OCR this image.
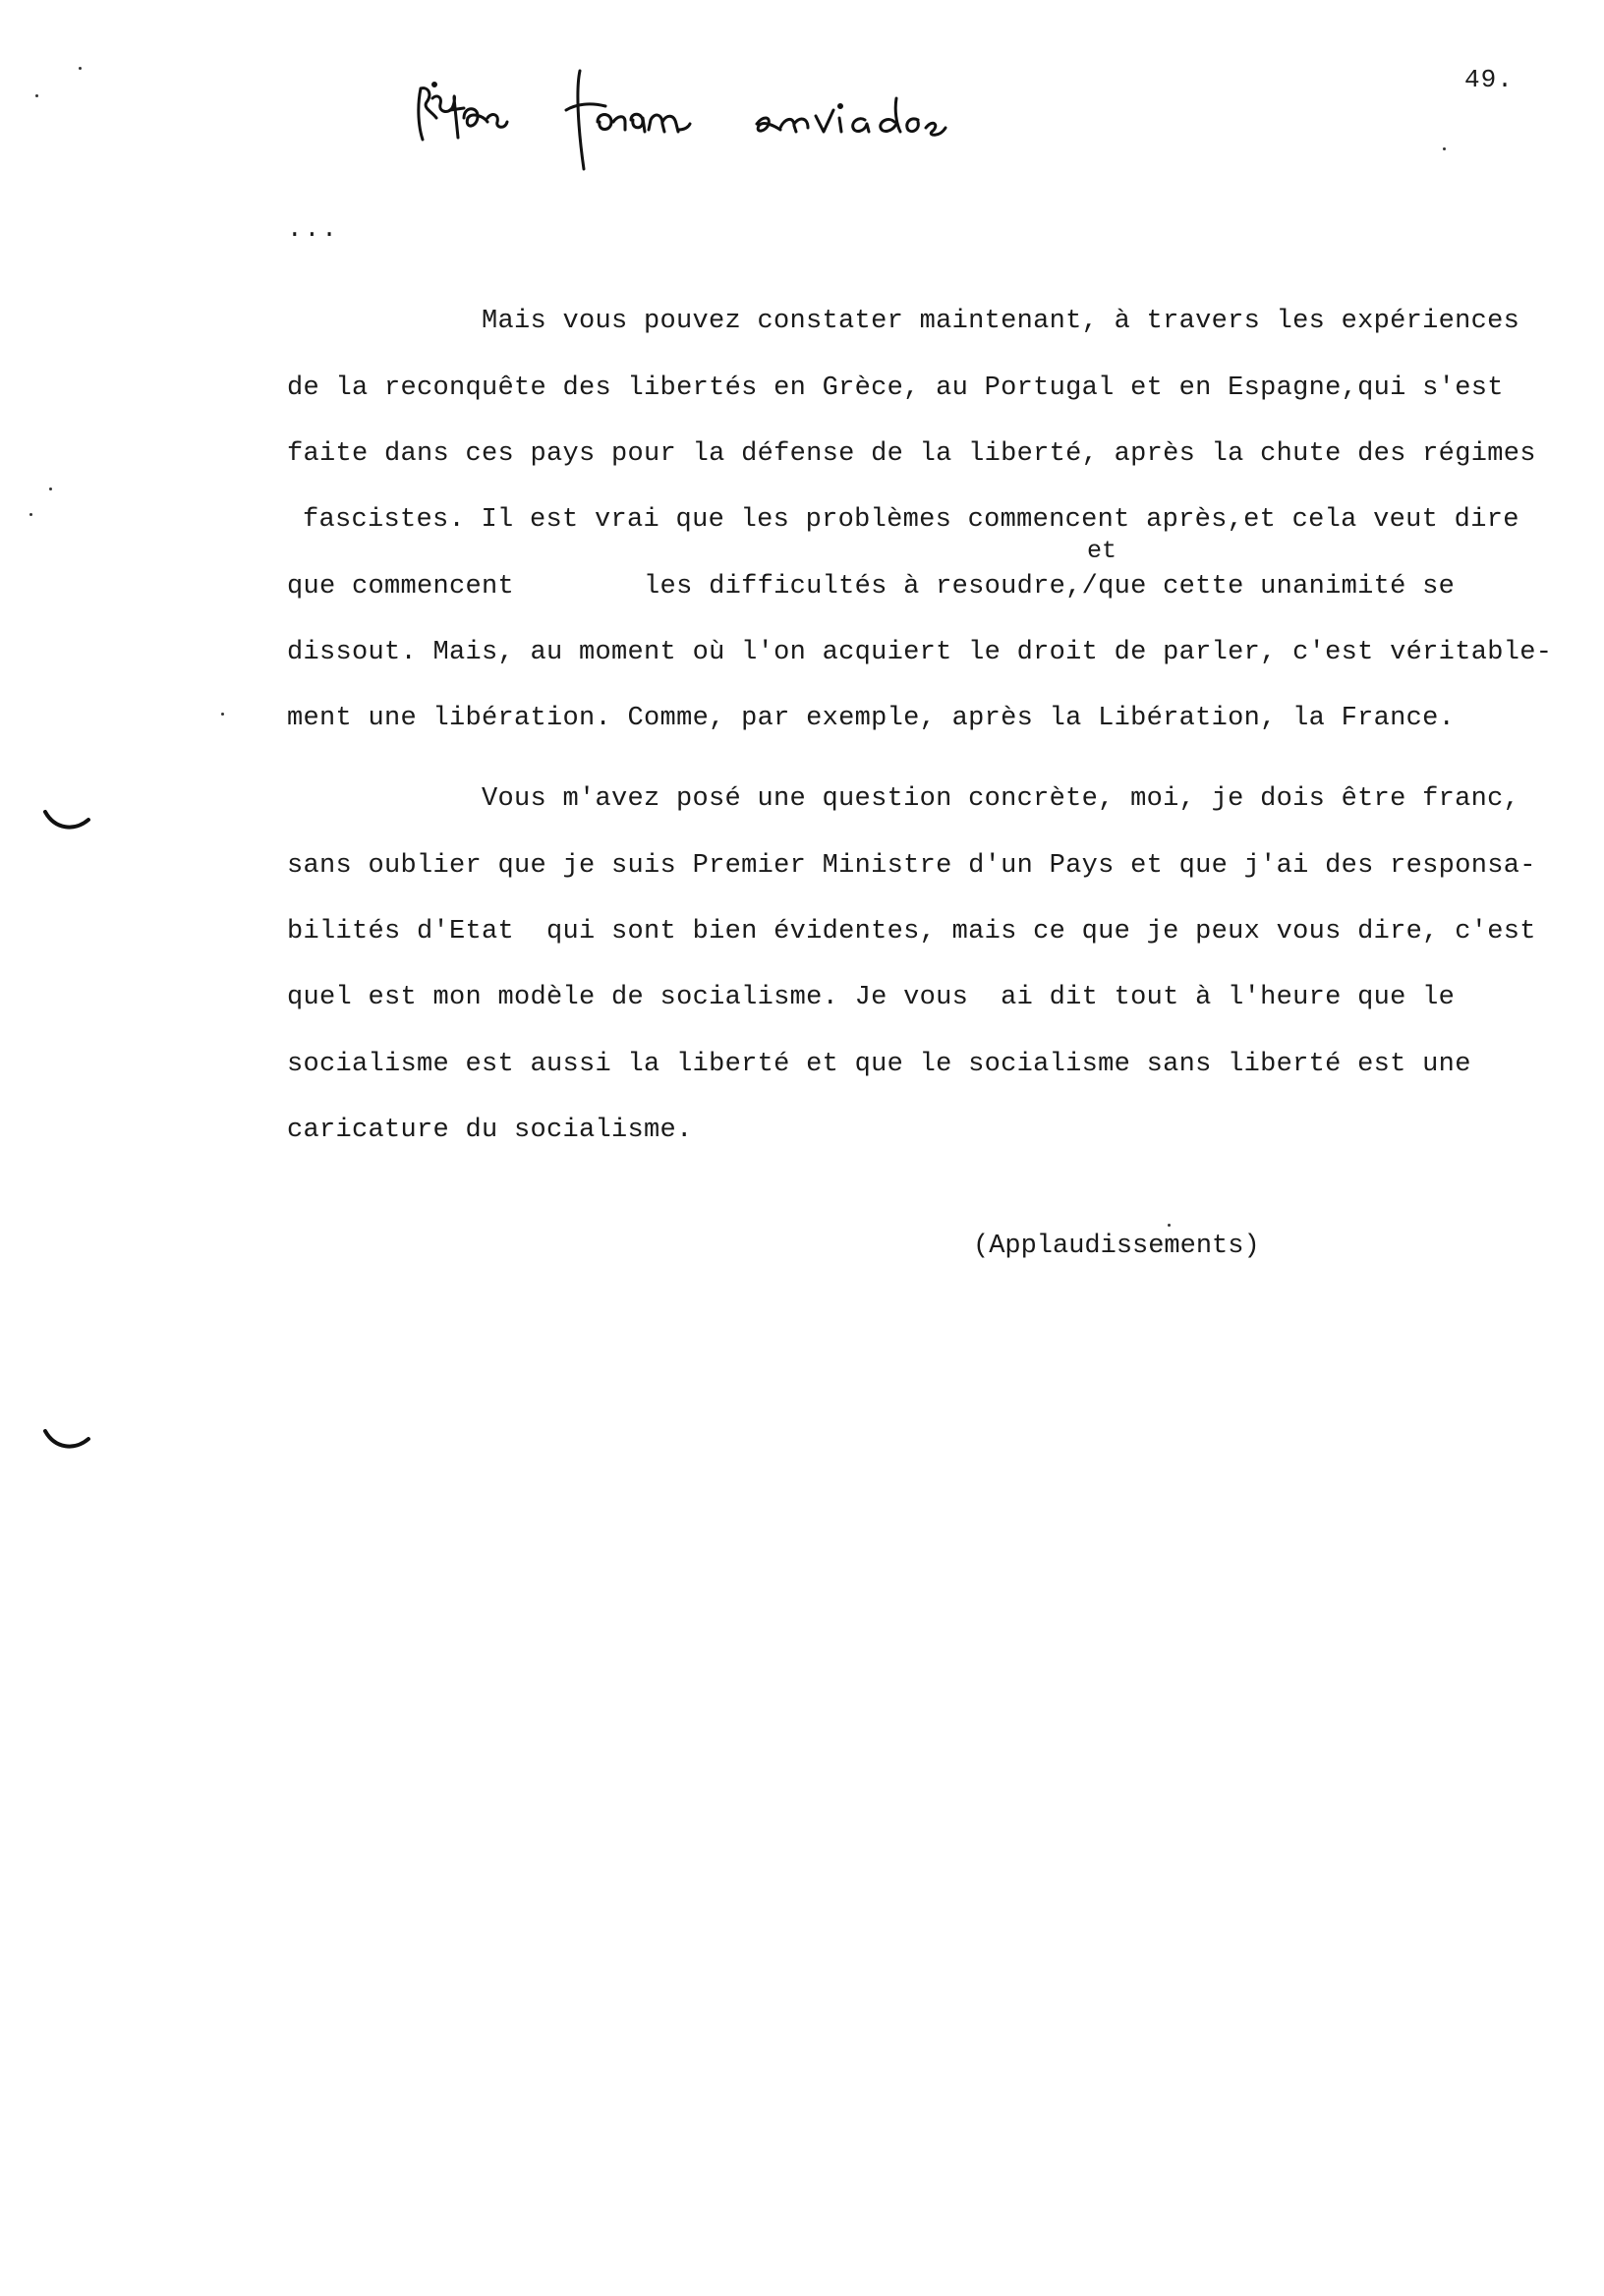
49.
...
Mais vous pouvez constater maintenant, à travers les expériences
de la reconquête des libertés en Grèce, au Portugal et en Espagne,qui s'est
faite dans ces pays pour la défense de la liberté, après la chute des régimes
fascistes. Il est vrai que les problèmes commencent après,et cela veut dire
et
que commencent        les difficultés à resoudre,/que cette unanimité se
dissout. Mais, au moment où l'on acquiert le droit de parler, c'est véritable-
ment une libération. Comme, par exemple, après la Libération, la France.
Vous m'avez posé une question concrète, moi, je dois être franc,
sans oublier que je suis Premier Ministre d'un Pays et que j'ai des responsa-
bilités d'Etat  qui sont bien évidentes, mais ce que je peux vous dire, c'est
quel est mon modèle de socialisme. Je vous  ai dit tout à l'heure que le
socialisme est aussi la liberté et que le socialisme sans liberté est une
caricature du socialisme.
(Applaudissements)
